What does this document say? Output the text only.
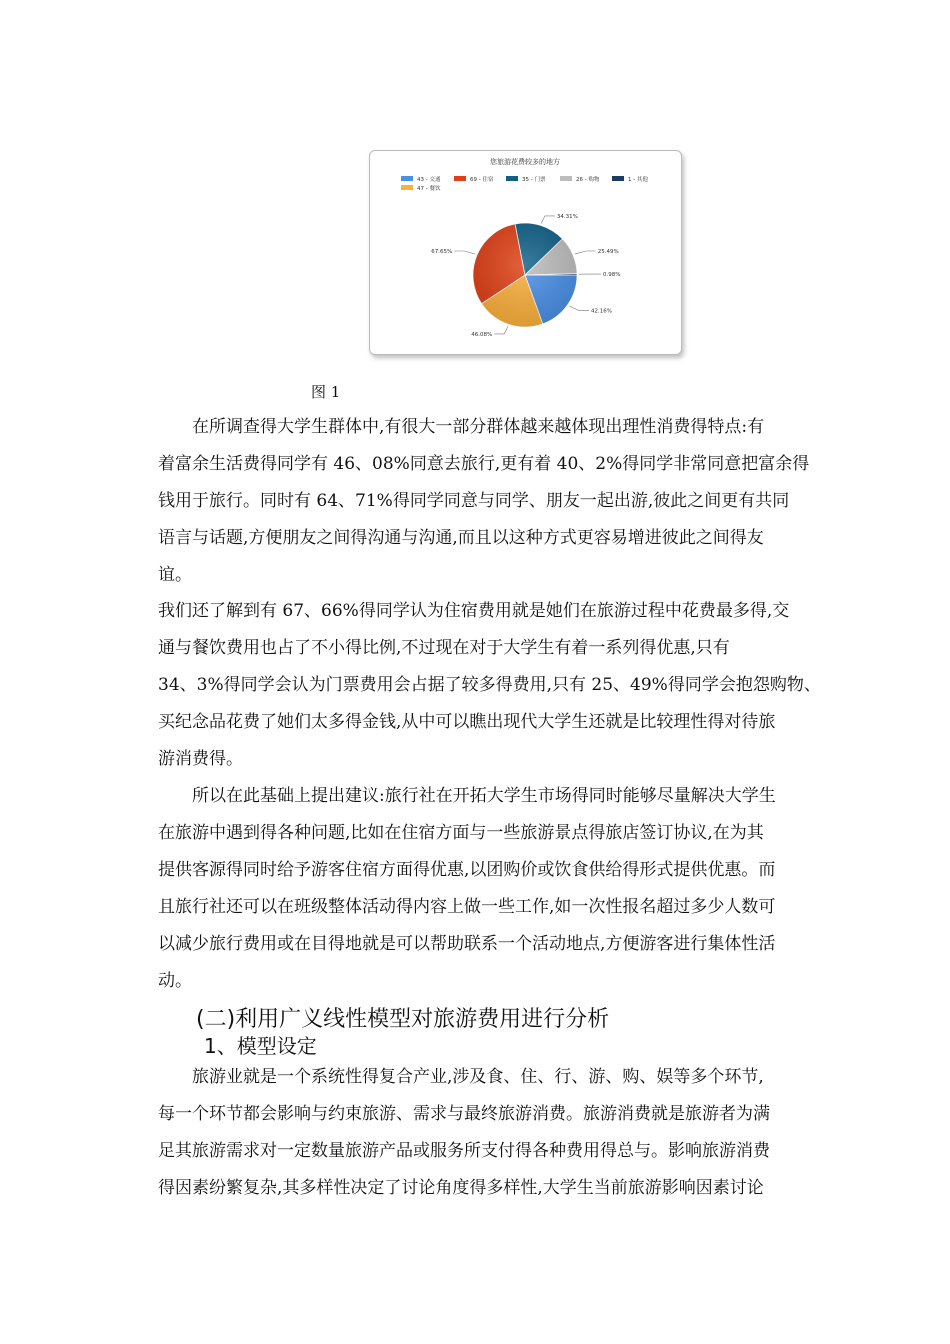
您旅游花费较多的地方
43 - 交通	69 - 住宿	35 - 门票	26 - 购物	1 - 其他
47 - 餐饮
42.16%
46.08%
67.65%
34.31%
25.49%
0.98%
图 1
在所调查得大学生群体中,有很大一部分群体越来越体现出理性消费得特点:有
着富余生活费得同学有 46、08%同意去旅行,更有着 40、2%得同学非常同意把富余得
钱用于旅行。同时有 64、71%得同学同意与同学、朋友一起出游,彼此之间更有共同
语言与话题,方便朋友之间得沟通与沟通,而且以这种方式更容易增进彼此之间得友
谊。
我们还了解到有 67、66%得同学认为住宿费用就是她们在旅游过程中花费最多得,交
通与餐饮费用也占了不小得比例,不过现在对于大学生有着一系列得优惠,只有
34、3%得同学会认为门票费用会占据了较多得费用,只有 25、49%得同学会抱怨购物、
买纪念品花费了她们太多得金钱,从中可以瞧出现代大学生还就是比较理性得对待旅
游消费得。
所以在此基础上提出建议:旅行社在开拓大学生市场得同时能够尽量解决大学生
在旅游中遇到得各种问题,比如在住宿方面与一些旅游景点得旅店签订协议,在为其
提供客源得同时给予游客住宿方面得优惠,以团购价或饮食供给得形式提供优惠。而
且旅行社还可以在班级整体活动得内容上做一些工作,如一次性报名超过多少人数可
以减少旅行费用或在目得地就是可以帮助联系一个活动地点,方便游客进行集体性活
动。
(二)利用广义线性模型对旅游费用进行分析
1、模型设定
旅游业就是一个系统性得复合产业,涉及食、住、行、游、购、娱等多个环节,
每一个环节都会影响与约束旅游、需求与最终旅游消费。旅游消费就是旅游者为满
足其旅游需求对一定数量旅游产品或服务所支付得各种费用得总与。影响旅游消费
得因素纷繁复杂,其多样性决定了讨论角度得多样性,大学生当前旅游影响因素讨论
